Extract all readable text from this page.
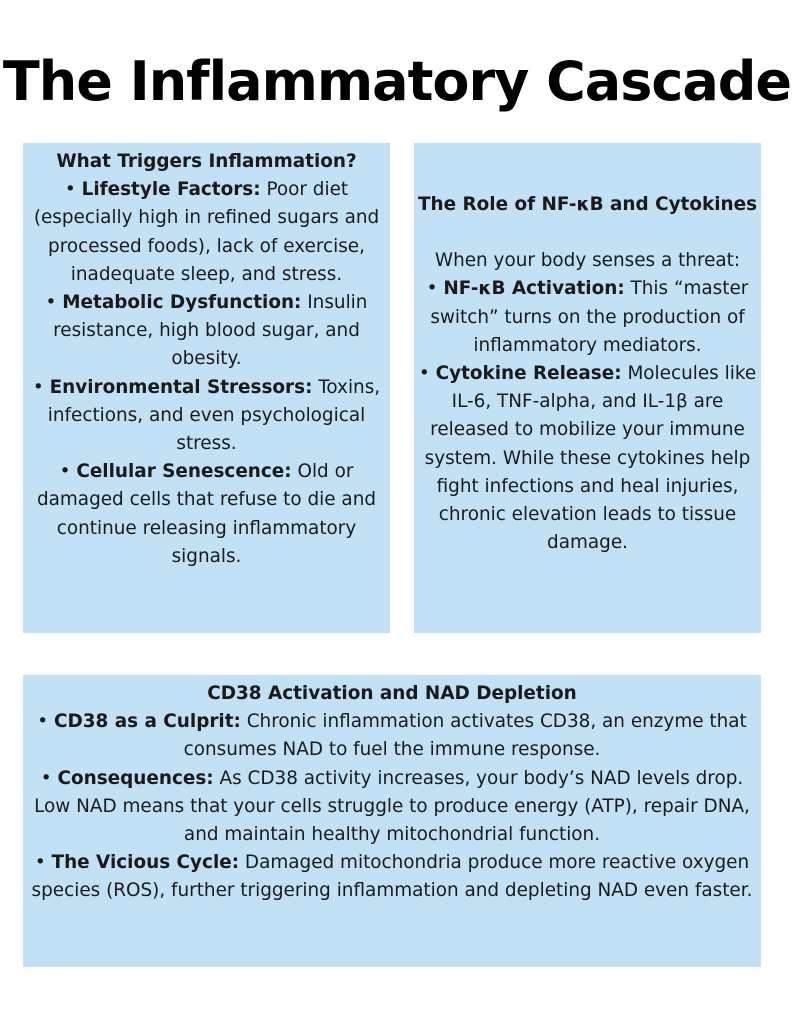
The Inflammatory Cascade

What Triggers Inflammation?

• Lifestyle Factors: Poor diet (especially high in refined sugars and processed foods), lack of exercise, inadequate sleep, and stress.

• Metabolic Dysfunction: Insulin resistance, high blood sugar, and obesity.

• Environmental Stressors: Toxins, infections, and even psychological stress.

• Cellular Senescence: Old or damaged cells that refuse to die and continue releasing inflammatory signals.

The Role of NF-κB and Cytokines

When your body senses a threat:

• NF-κB Activation: This “master switch” turns on the production of inflammatory mediators.

• Cytokine Release: Molecules like IL-6, TNF-alpha, and IL-1β are released to mobilize your immune system. While these cytokines help fight infections and heal injuries, chronic elevation leads to tissue damage.

CD38 Activation and NAD Depletion

• CD38 as a Culprit: Chronic inflammation activates CD38, an enzyme that consumes NAD to fuel the immune response.

• Consequences: As CD38 activity increases, your body’s NAD levels drop. Low NAD means that your cells struggle to produce energy (ATP), repair DNA, and maintain healthy mitochondrial function.

• The Vicious Cycle: Damaged mitochondria produce more reactive oxygen species (ROS), further triggering inflammation and depleting NAD even faster.
